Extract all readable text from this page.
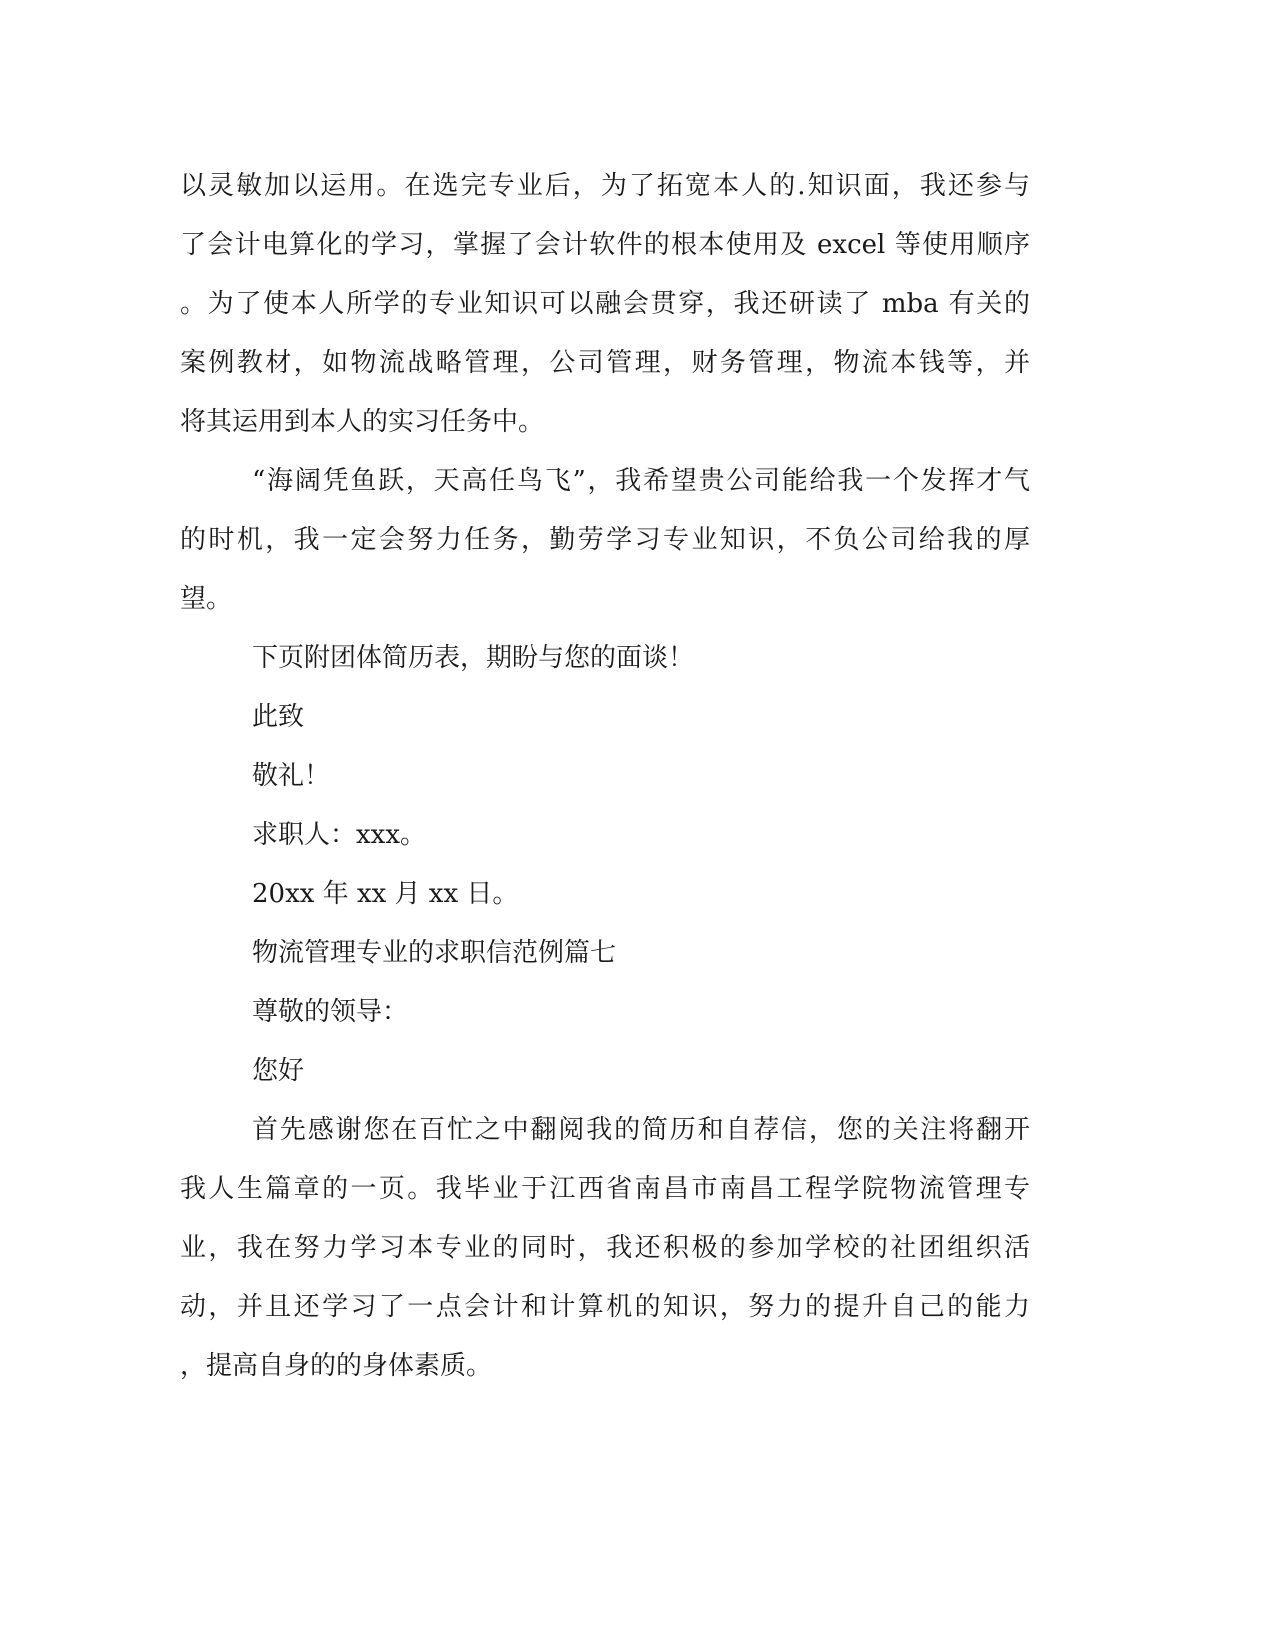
以灵敏加以运用。在选完专业后，为了拓宽本人的.知识面，我还参与
了会计电算化的学习，掌握了会计软件的根本使用及 excel 等使用顺序
。为了使本人所学的专业知识可以融会贯穿，我还研读了 mba 有关的
案例教材，如物流战略管理，公司管理，财务管理，物流本钱等，并
将其运用到本人的实习任务中。
“海阔凭鱼跃，天高任鸟飞”，我希望贵公司能给我一个发挥才气
的时机，我一定会努力任务，勤劳学习专业知识，不负公司给我的厚
望。
下页附团体简历表，期盼与您的面谈！
此致
敬礼！
求职人：xxx。
20xx 年 xx 月 xx 日。
物流管理专业的求职信范例篇七
尊敬的领导：
您好
首先感谢您在百忙之中翻阅我的简历和自荐信，您的关注将翻开
我人生篇章的一页。我毕业于江西省南昌市南昌工程学院物流管理专
业，我在努力学习本专业的同时，我还积极的参加学校的社团组织活
动，并且还学习了一点会计和计算机的知识，努力的提升自己的能力
，提高自身的的身体素质。
